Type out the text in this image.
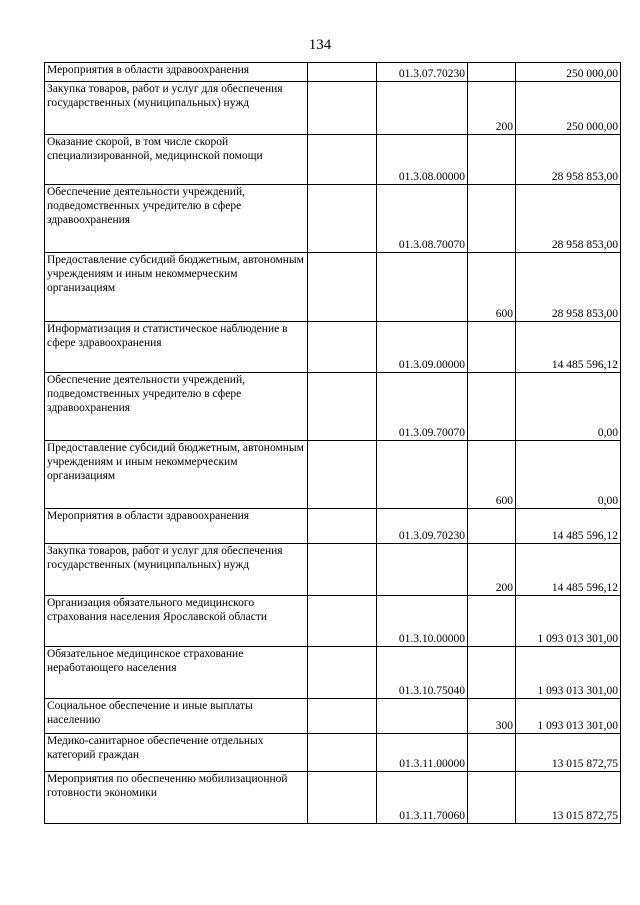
134
Мероприятия в области здравоохранения		01.3.07.70230		250 000,00
Закупка товаров, работ и услуг для обеспечения государственных (муниципальных) нужд			200	250 000,00
Оказание скорой, в том числе скорой специализированной, медицинской помощи		01.3.08.00000		28 958 853,00
Обеспечение деятельности учреждений, подведомственных учредителю в сфере здравоохранения		01.3.08.70070		28 958 853,00
Предоставление субсидий бюджетным, автономным учреждениям и иным некоммерческим организациям			600	28 958 853,00
Информатизация и статистическое наблюдение в сфере здравоохранения		01.3.09.00000		14 485 596,12
Обеспечение деятельности учреждений, подведомственных учредителю в сфере здравоохранения		01.3.09.70070		0,00
Предоставление субсидий бюджетным, автономным учреждениям и иным некоммерческим организациям			600	0,00
Мероприятия в области здравоохранения		01.3.09.70230		14 485 596,12
Закупка товаров, работ и услуг для обеспечения государственных (муниципальных) нужд			200	14 485 596,12
Организация обязательного медицинского страхования населения Ярославской области		01.3.10.00000		1 093 013 301,00
Обязательное медицинское страхование неработающего населения		01.3.10.75040		1 093 013 301,00
Социальное обеспечение и иные выплаты населению			300	1 093 013 301,00
Медико-санитарное обеспечение отдельных категорий граждан		01.3.11.00000		13 015 872,75
Мероприятия по обеспечению мобилизационной готовности экономики		01.3.11.70060		13 015 872,75
